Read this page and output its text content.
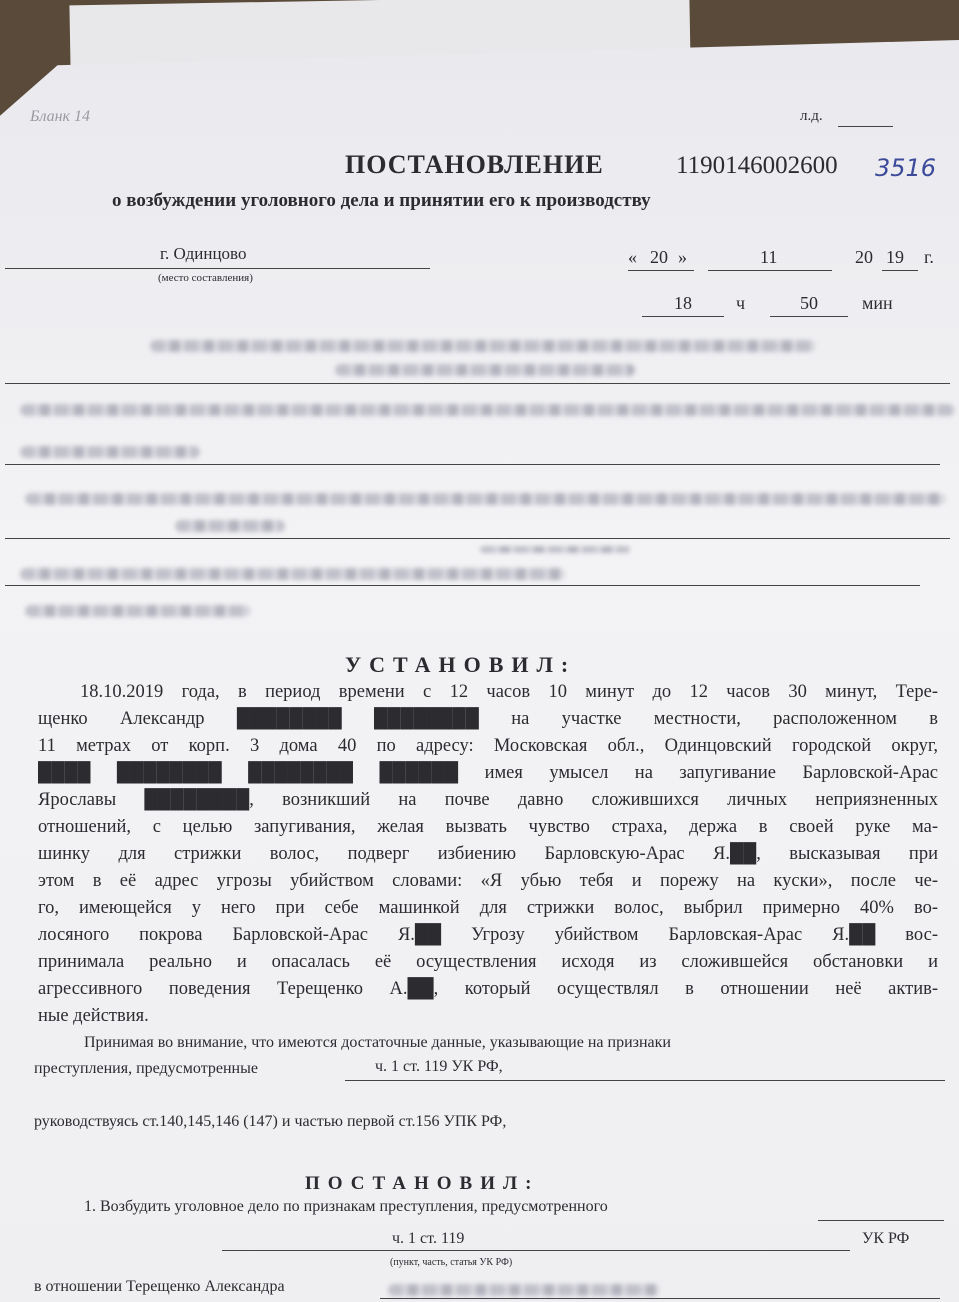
Бланк 14	л.д.
ПОСТАНОВЛЕНИЕ	1190146002600 3516
о возбуждении уголовного дела и принятии его к производству
г. Одинцово
(место составления)
« 20 »	11	20 19 г.
18 ч	50 мин
УСТАНОВИЛ:
18.10.2019 года, в период времени с 12 часов 10 минут до 12 часов 30 минут, Тере-
щенко Александр ████████ ████████ на участке местности, расположенном в
11 метрах от корп. 3 дома 40 по адресу: Московская обл., Одинцовский городской округ,
████ ████████ ████████ ██████ имея умысел на запугивание Барловской-Арас
Ярославы ████████, возникший на почве давно сложившихся личных неприязненных
отношений, с целью запугивания, желая вызвать чувство страха, держа в своей руке ма-
шинку для стрижки волос, подверг избиению Барловскую-Арас Я.██, высказывая при
этом в её адрес угрозы убийством словами: «Я убью тебя и порежу на куски», после че-
го, имеющейся у него при себе машинкой для стрижки волос, выбрил примерно 40% во-
лосяного покрова Барловской-Арас Я.██ Угрозу убийством Барловская-Арас Я.██ вос-
принимала реально и опасалась её осуществления исходя из сложившейся обстановки и
агрессивного поведения Терещенко А.██, который осуществлял в отношении неё актив-
ные действия.
Принимая во внимание, что имеются достаточные данные, указывающие на признаки
преступления, предусмотренные	ч. 1 ст. 119 УК РФ,
руководствуясь ст.140,145,146 (147) и частью первой ст.156 УПК РФ,
ПОСТАНОВИЛ:
1. Возбудить уголовное дело по признакам преступления, предусмотренного
ч. 1 ст. 119
(пункт, часть, статья УК РФ)
УК РФ
в отношении Терещенко Александра
